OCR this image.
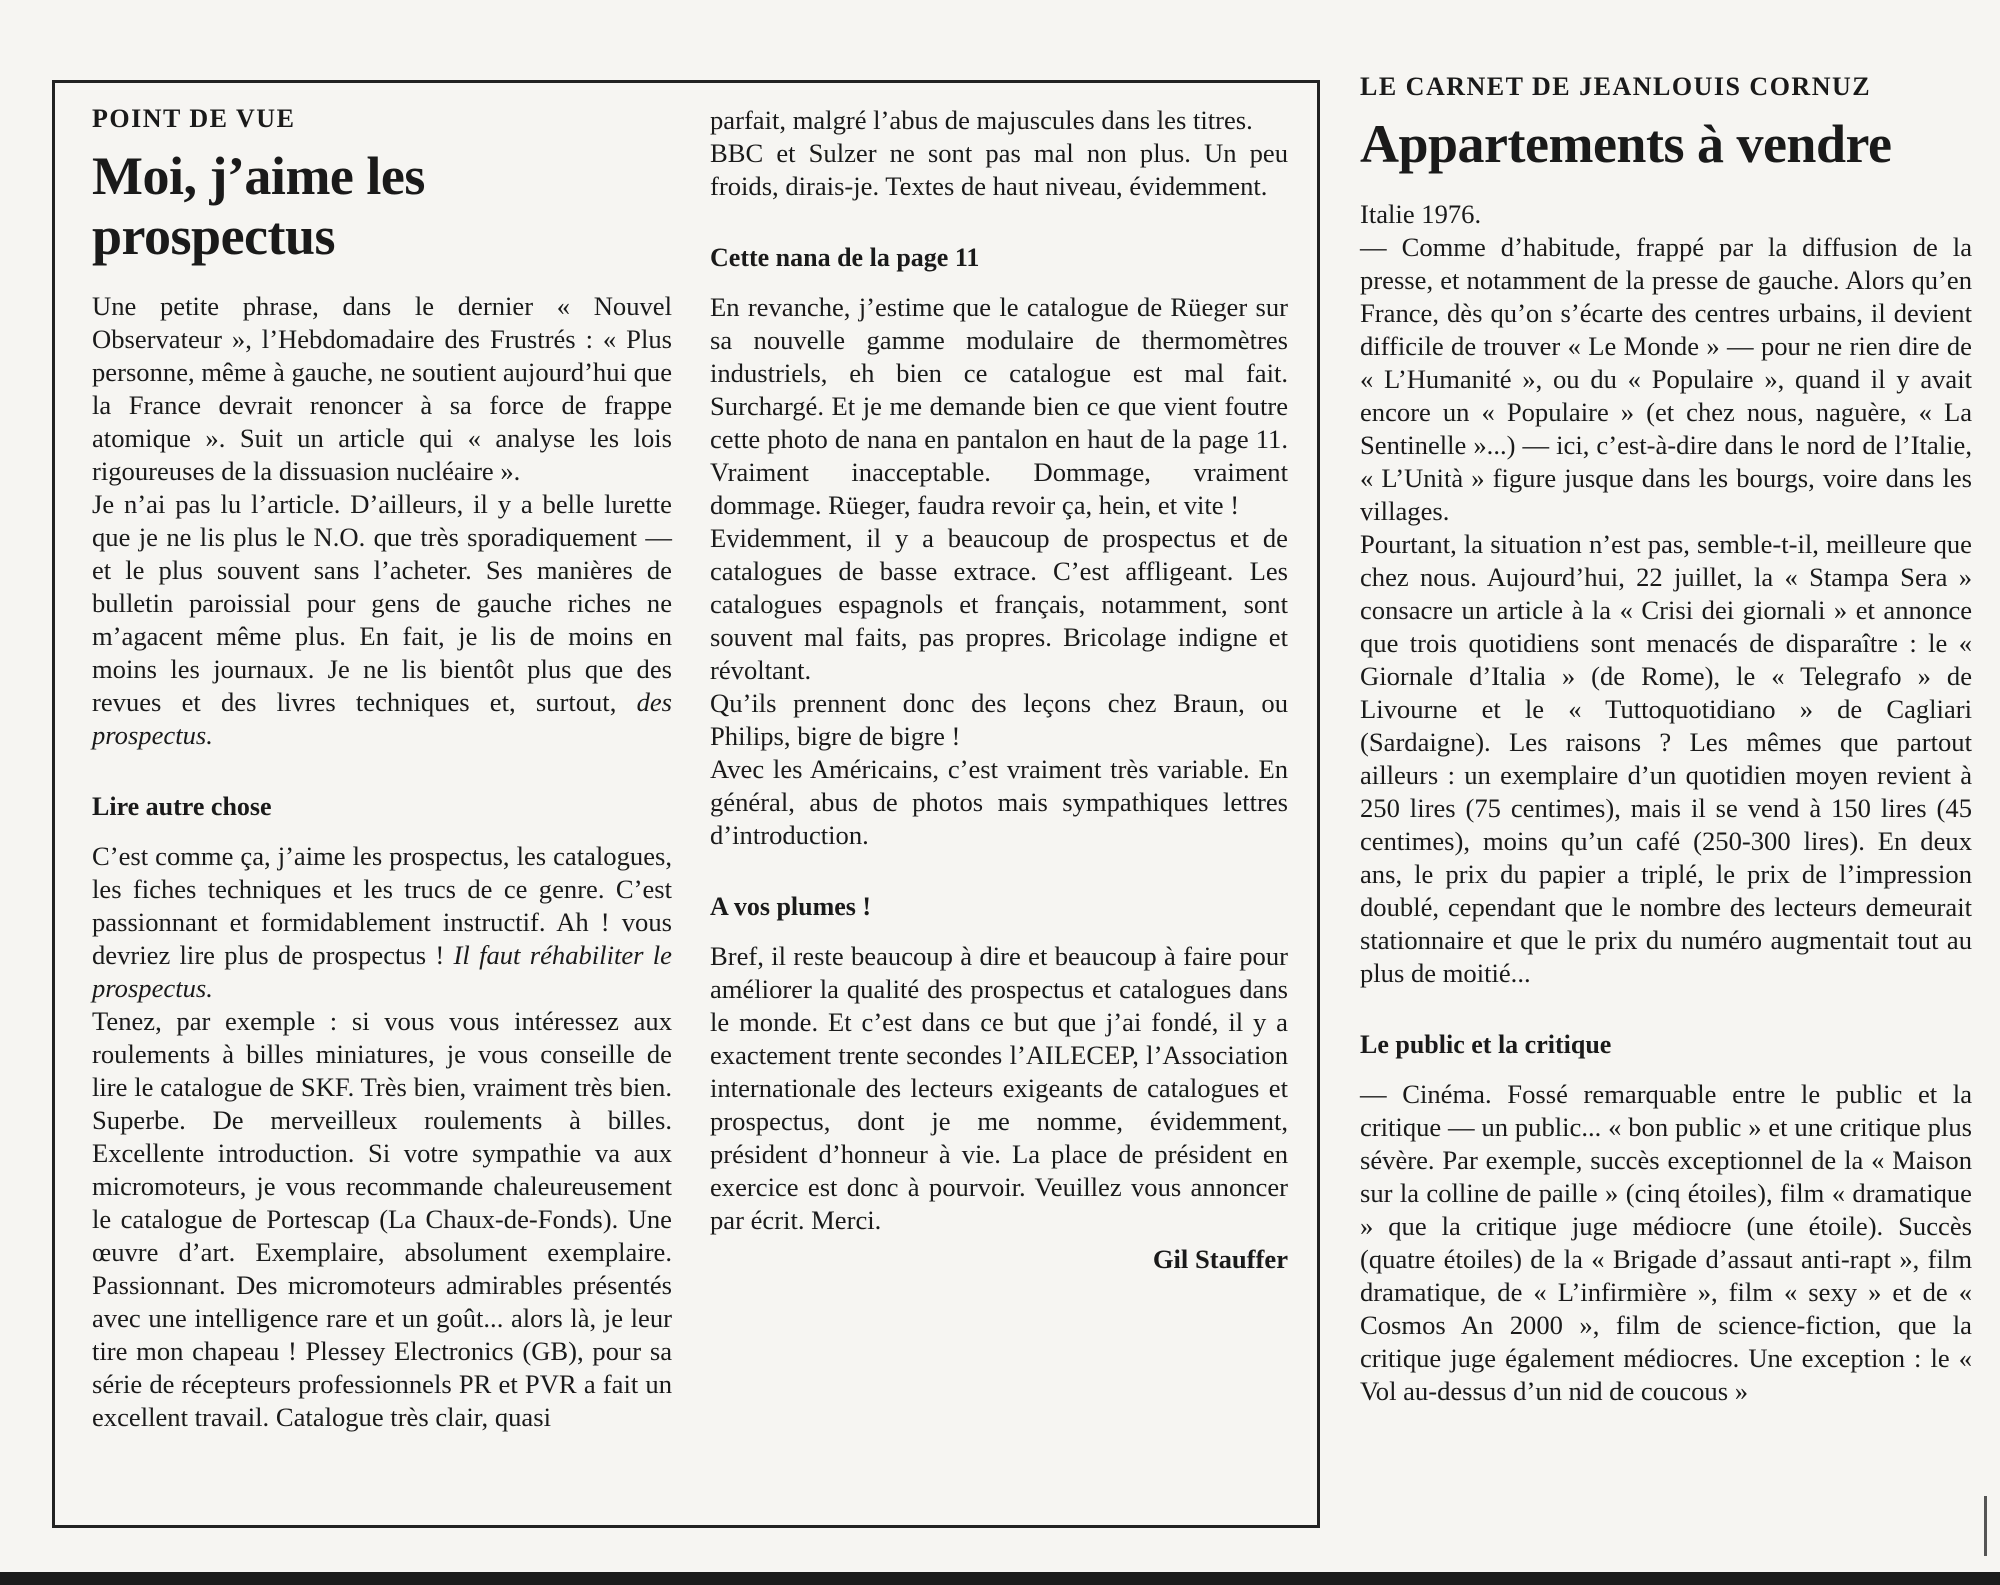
POINT DE VUE
Moi, j’aime les prospectus

Une petite phrase, dans le dernier « Nouvel Observateur », l’Hebdomadaire des Frustrés : « Plus personne, même à gauche, ne soutient aujourd’hui que la France devrait renoncer à sa force de frappe atomique ». Suit un article qui « analyse les lois rigoureuses de la dissuasion nucléaire ».

Je n’ai pas lu l’article. D’ailleurs, il y a belle lurette que je ne lis plus le N.O. que très sporadiquement — et le plus souvent sans l’acheter. Ses manières de bulletin paroissial pour gens de gauche riches ne m’agacent même plus. En fait, je lis de moins en moins les journaux. Je ne lis bientôt plus que des revues et des livres techniques et, surtout, des prospectus.

Lire autre chose

C’est comme ça, j’aime les prospectus, les catalogues, les fiches techniques et les trucs de ce genre. C’est passionnant et formidablement instructif. Ah ! vous devriez lire plus de prospectus ! Il faut réhabiliter le prospectus.

Tenez, par exemple : si vous vous intéressez aux roulements à billes miniatures, je vous conseille de lire le catalogue de SKF. Très bien, vraiment très bien. Superbe. De merveilleux roulements à billes. Excellente introduction. Si votre sympathie va aux micromoteurs, je vous recommande chaleureusement le catalogue de Portescap (La Chaux-de-Fonds). Une œuvre d’art. Exemplaire, absolument exemplaire. Passionnant. Des micromoteurs admirables présentés avec une intelligence rare et un goût... alors là, je leur tire mon chapeau ! Plessey Electronics (GB), pour sa série de récepteurs professionnels PR et PVR a fait un excellent travail. Catalogue très clair, quasi

parfait, malgré l’abus de majuscules dans les titres.

BBC et Sulzer ne sont pas mal non plus. Un peu froids, dirais-je. Textes de haut niveau, évidemment.

Cette nana de la page 11

En revanche, j’estime que le catalogue de Rüeger sur sa nouvelle gamme modulaire de thermomètres industriels, eh bien ce catalogue est mal fait. Surchargé. Et je me demande bien ce que vient foutre cette photo de nana en pantalon en haut de la page 11. Vraiment inacceptable. Dommage, vraiment dommage. Rüeger, faudra revoir ça, hein, et vite !

Evidemment, il y a beaucoup de prospectus et de catalogues de basse extrace. C’est affligeant. Les catalogues espagnols et français, notamment, sont souvent mal faits, pas propres. Bricolage indigne et révoltant.

Qu’ils prennent donc des leçons chez Braun, ou Philips, bigre de bigre !

Avec les Américains, c’est vraiment très variable. En général, abus de photos mais sympathiques lettres d’introduction.

A vos plumes !

Bref, il reste beaucoup à dire et beaucoup à faire pour améliorer la qualité des prospectus et catalogues dans le monde. Et c’est dans ce but que j’ai fondé, il y a exactement trente secondes l’AILECEP, l’Association internationale des lecteurs exigeants de catalogues et prospectus, dont je me nomme, évidemment, président d’honneur à vie. La place de président en exercice est donc à pourvoir. Veuillez vous annoncer par écrit. Merci.

Gil Stauffer
LE CARNET DE JEANLOUIS CORNUZ
Appartements à vendre

Italie 1976.

— Comme d’habitude, frappé par la diffusion de la presse, et notamment de la presse de gauche. Alors qu’en France, dès qu’on s’écarte des centres urbains, il devient difficile de trouver « Le Monde » — pour ne rien dire de « L’Humanité », ou du « Populaire », quand il y avait encore un « Populaire » (et chez nous, naguère, « La Sentinelle »...) — ici, c’est-à-dire dans le nord de l’Italie, « L’Unità » figure jusque dans les bourgs, voire dans les villages.

Pourtant, la situation n’est pas, semble-t-il, meilleure que chez nous. Aujourd’hui, 22 juillet, la « Stampa Sera » consacre un article à la « Crisi dei giornali » et annonce que trois quotidiens sont menacés de disparaître : le « Giornale d’Italia » (de Rome), le « Telegrafo » de Livourne et le « Tuttoquotidiano » de Cagliari (Sardaigne). Les raisons ? Les mêmes que partout ailleurs : un exemplaire d’un quotidien moyen revient à 250 lires (75 centimes), mais il se vend à 150 lires (45 centimes), moins qu’un café (250-300 lires). En deux ans, le prix du papier a triplé, le prix de l’impression doublé, cependant que le nombre des lecteurs demeurait stationnaire et que le prix du numéro augmentait tout au plus de moitié...

Le public et la critique

— Cinéma. Fossé remarquable entre le public et la critique — un public... « bon public » et une critique plus sévère. Par exemple, succès exceptionnel de la « Maison sur la colline de paille » (cinq étoiles), film « dramatique » que la critique juge médiocre (une étoile). Succès (quatre étoiles) de la « Brigade d’assaut anti-rapt », film dramatique, de « L’infirmière », film « sexy » et de « Cosmos An 2000 », film de science-fiction, que la critique juge également médiocres. Une exception : le « Vol au-dessus d’un nid de coucous »
